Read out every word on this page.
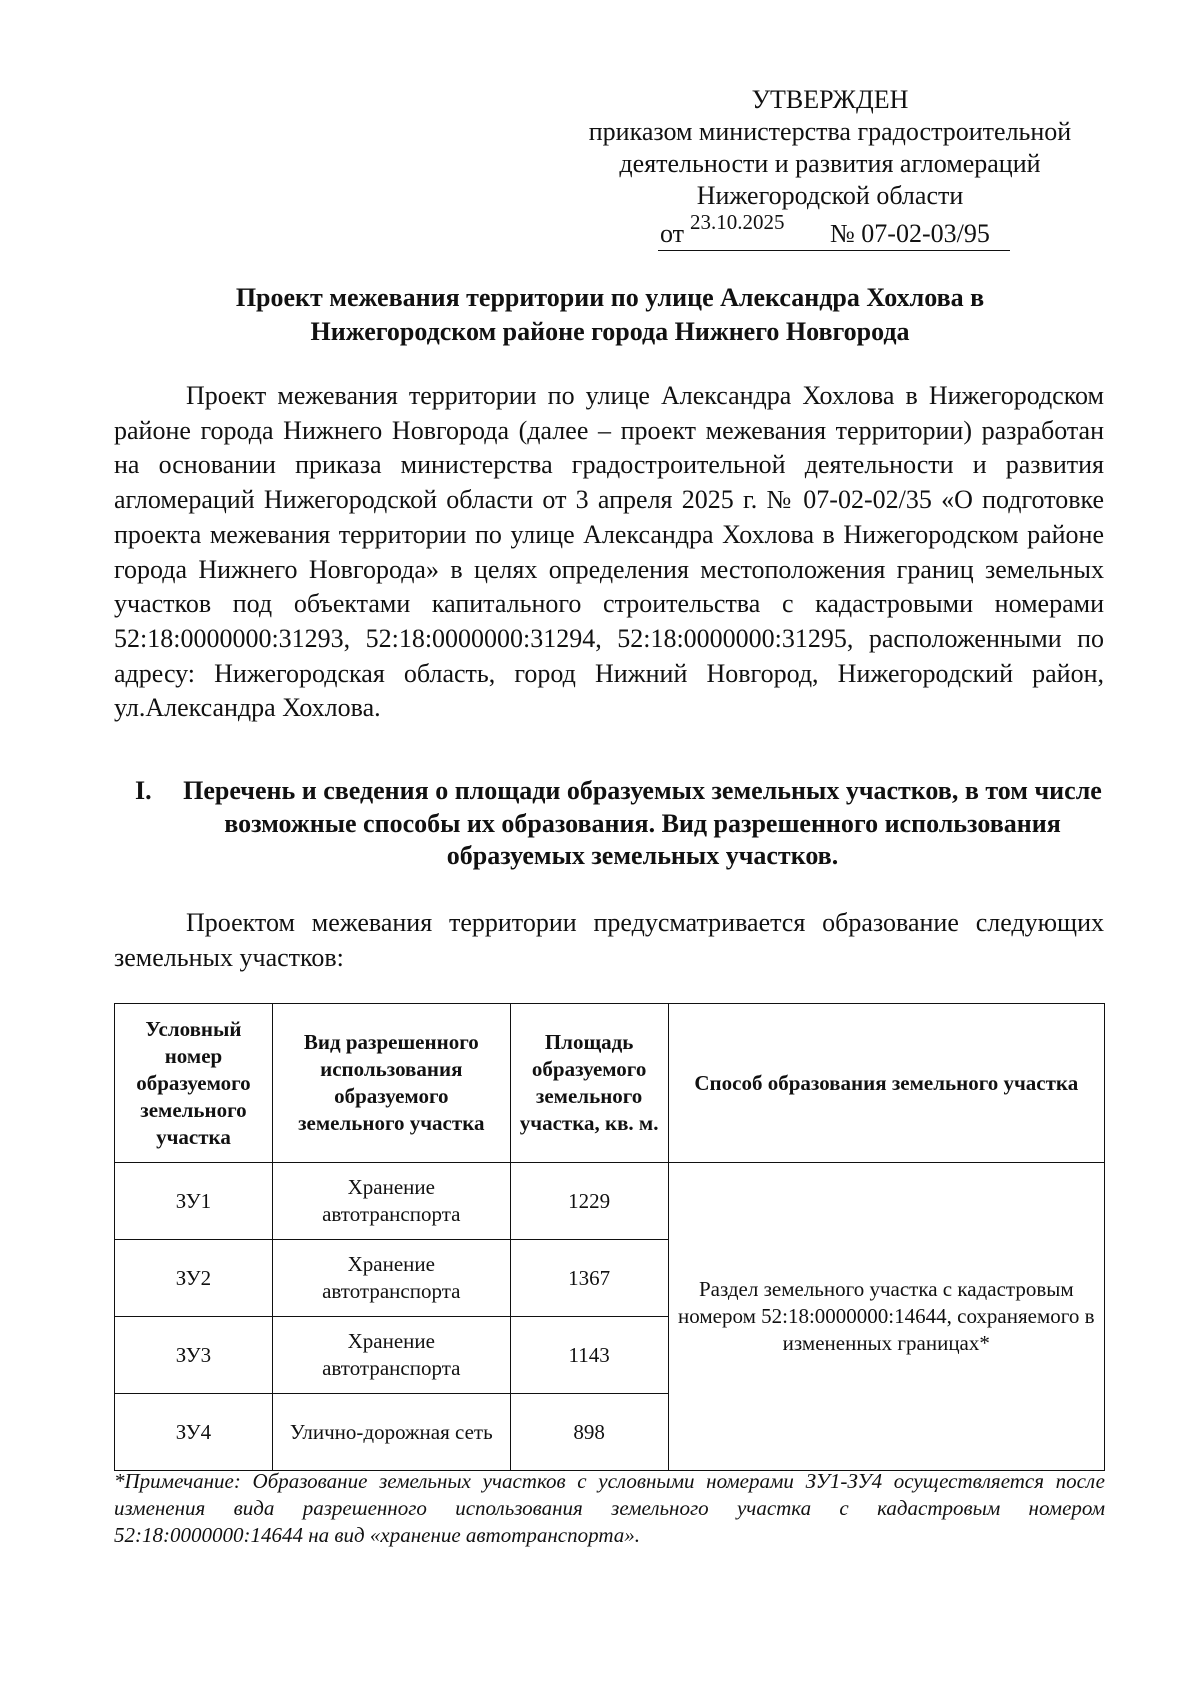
УТВЕРЖДЕН
приказом министерства градостроительной
деятельности и развития агломераций
Нижегородской области
от 23.10.2025 № 07-02-03/95
Проект межевания территории по улице Александра Хохлова в
Нижегородском районе города Нижнего Новгорода

Проект межевания территории по улице Александра Хохлова в Нижегородском районе города Нижнего Новгорода (далее – проект межевания территории) разработан на основании приказа министерства градостроительной деятельности и развития агломераций Нижегородской области от 3 апреля 2025 г. № 07-02-02/35 «О подготовке проекта межевания территории по улице Александра Хохлова в Нижегородском районе города Нижнего Новгорода» в целях определения местоположения границ земельных участков под объектами капитального строительства с кадастровыми номерами 52:18:0000000:31293, 52:18:0000000:31294, 52:18:0000000:31295, расположенными по адресу: Нижегородская область, город Нижний Новгород, Нижегородский район, ул.Александра Хохлова.

I. Перечень и сведения о площади образуемых земельных участков, в том числе возможные способы их образования. Вид разрешенного использования образуемых земельных участков.

Проектом межевания территории предусматривается образование следующих земельных участков:

Условный номер образуемого земельного участка	Вид разрешенного использования образуемого земельного участка	Площадь образуемого земельного участка, кв. м.	Способ образования земельного участка
ЗУ1	Хранение автотранспорта	1229	Раздел земельного участка с кадастровым номером 52:18:0000000:14644, сохраняемого в измененных границах*
ЗУ2	Хранение автотранспорта	1367	
ЗУ3	Хранение автотранспорта	1143	
ЗУ4	Улично-дорожная сеть	898	

*Примечание: Образование земельных участков с условными номерами ЗУ1-ЗУ4 осуществляется после изменения вида разрешенного использования земельного участка с кадастровым номером 52:18:0000000:14644 на вид «хранение автотранспорта».
